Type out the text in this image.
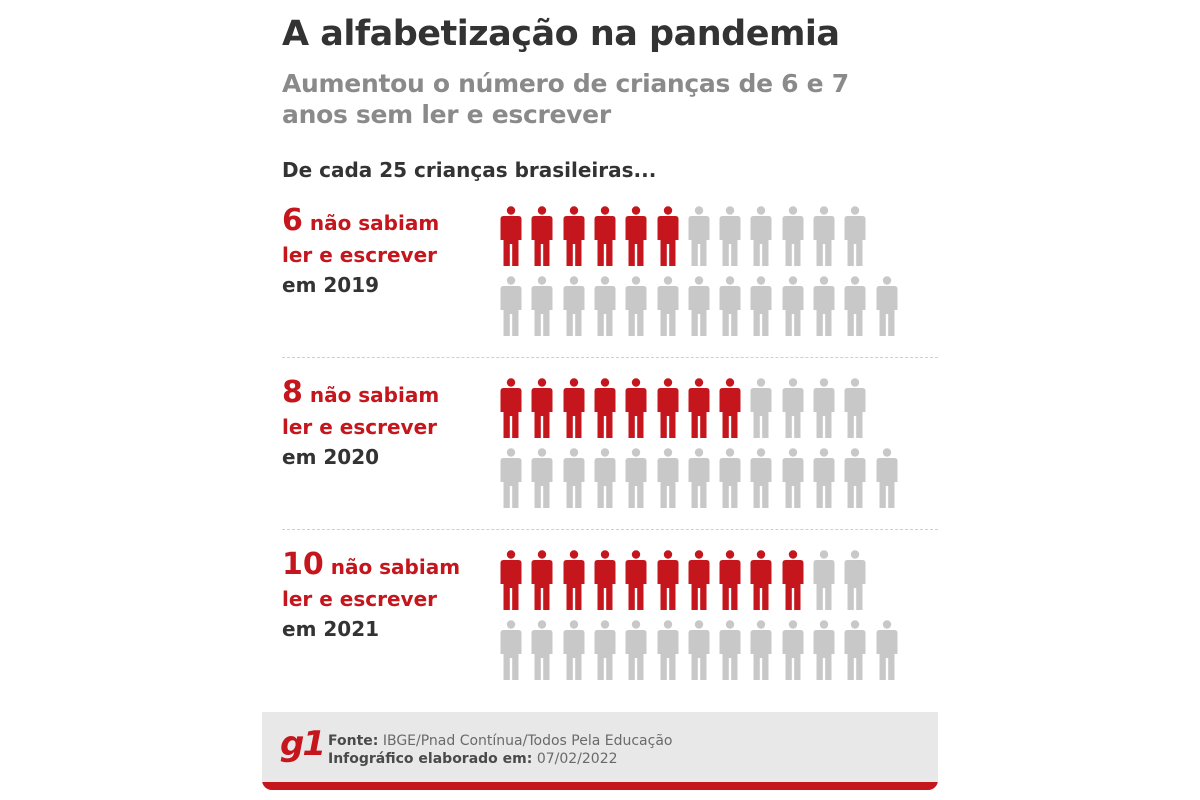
A alfabetização na pandemia
Aumentou o número de crianças de 6 e 7 anos sem ler e escrever
De cada 25 crianças brasileiras...
6 não sabiam
ler e escrever
em 2019
8 não sabiam
ler e escrever
em 2020
10 não sabiam
ler e escrever
em 2021
g1 Fonte: IBGE/Pnad Contínua/Todos Pela Educação
Infográfico elaborado em: 07/02/2022
